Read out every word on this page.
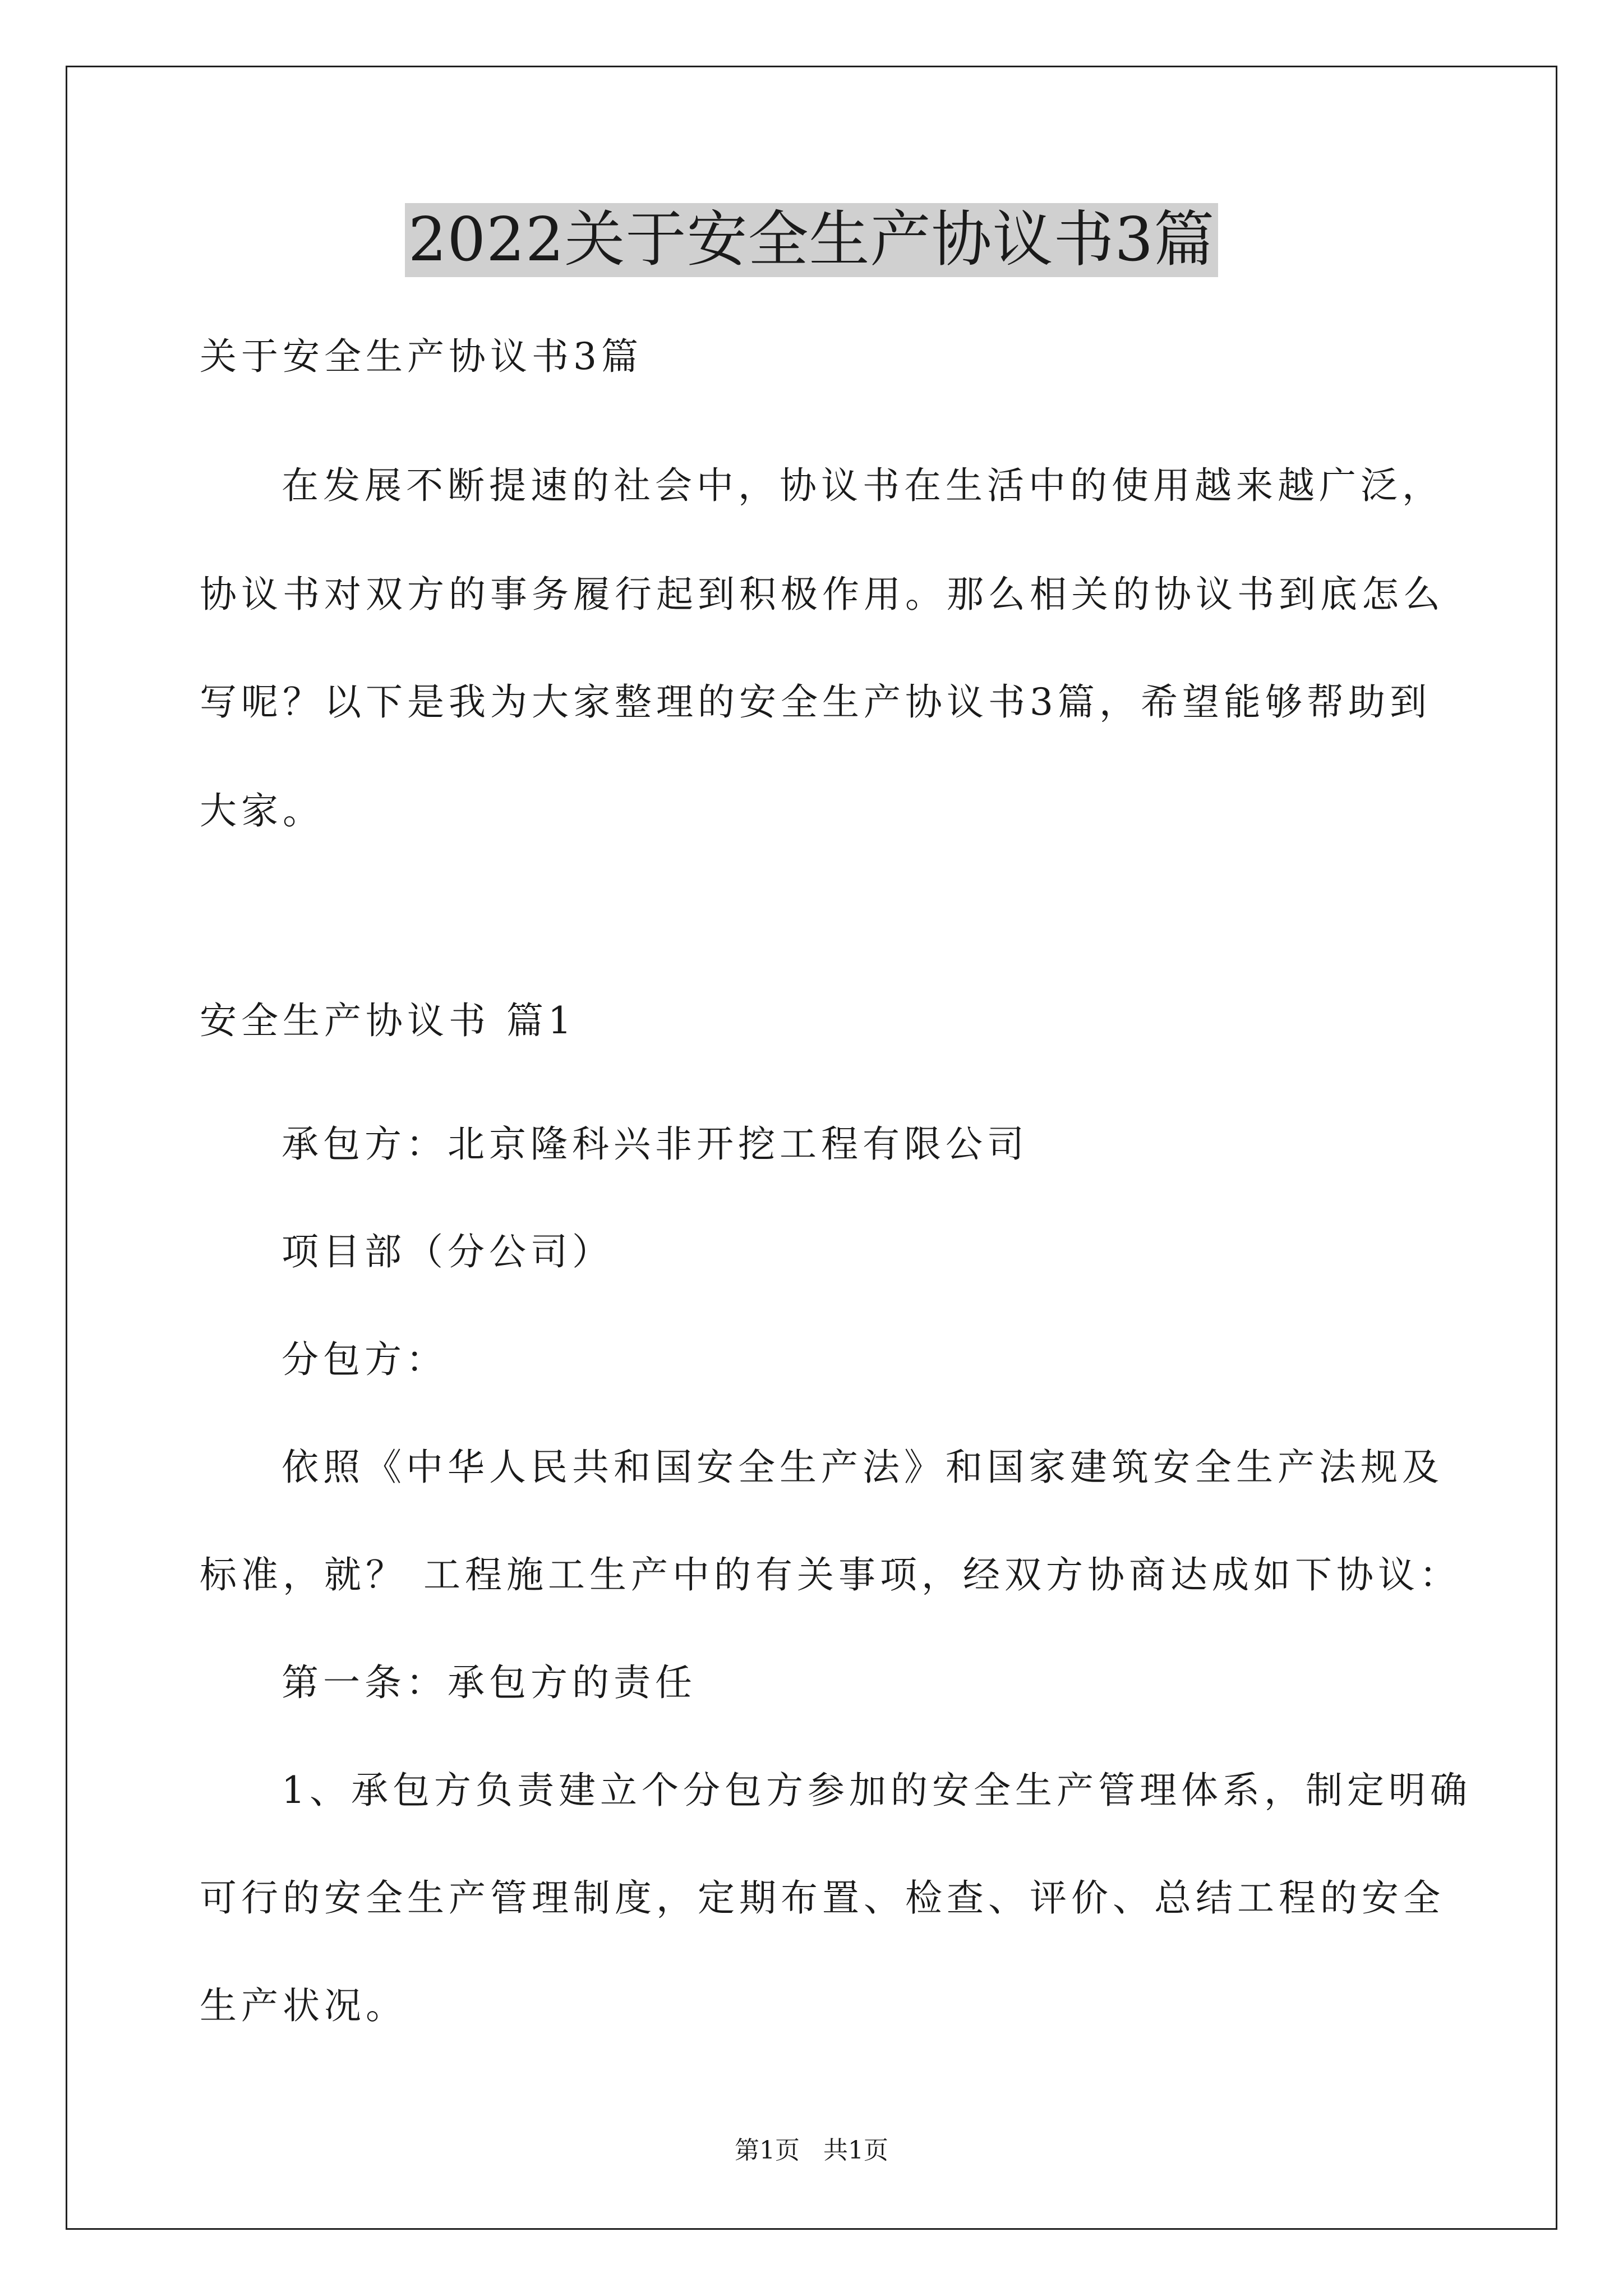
2022关于安全生产协议书3篇
关于安全生产协议书3篇
在发展不断提速的社会中，协议书在生活中的使用越来越广泛，
协议书对双方的事务履行起到积极作用。那么相关的协议书到底怎么
写呢？以下是我为大家整理的安全生产协议书3篇，希望能够帮助到
大家。
安全生产协议书 篇1
承包方：北京隆科兴非开挖工程有限公司
项目部（分公司）
分包方：
依照《中华人民共和国安全生产法》和国家建筑安全生产法规及
标准，就？ 工程施工生产中的有关事项，经双方协商达成如下协议：
第一条：承包方的责任
1、承包方负责建立个分包方参加的安全生产管理体系，制定明确
可行的安全生产管理制度，定期布置、检查、评价、总结工程的安全
生产状况。
第1页   共1页
